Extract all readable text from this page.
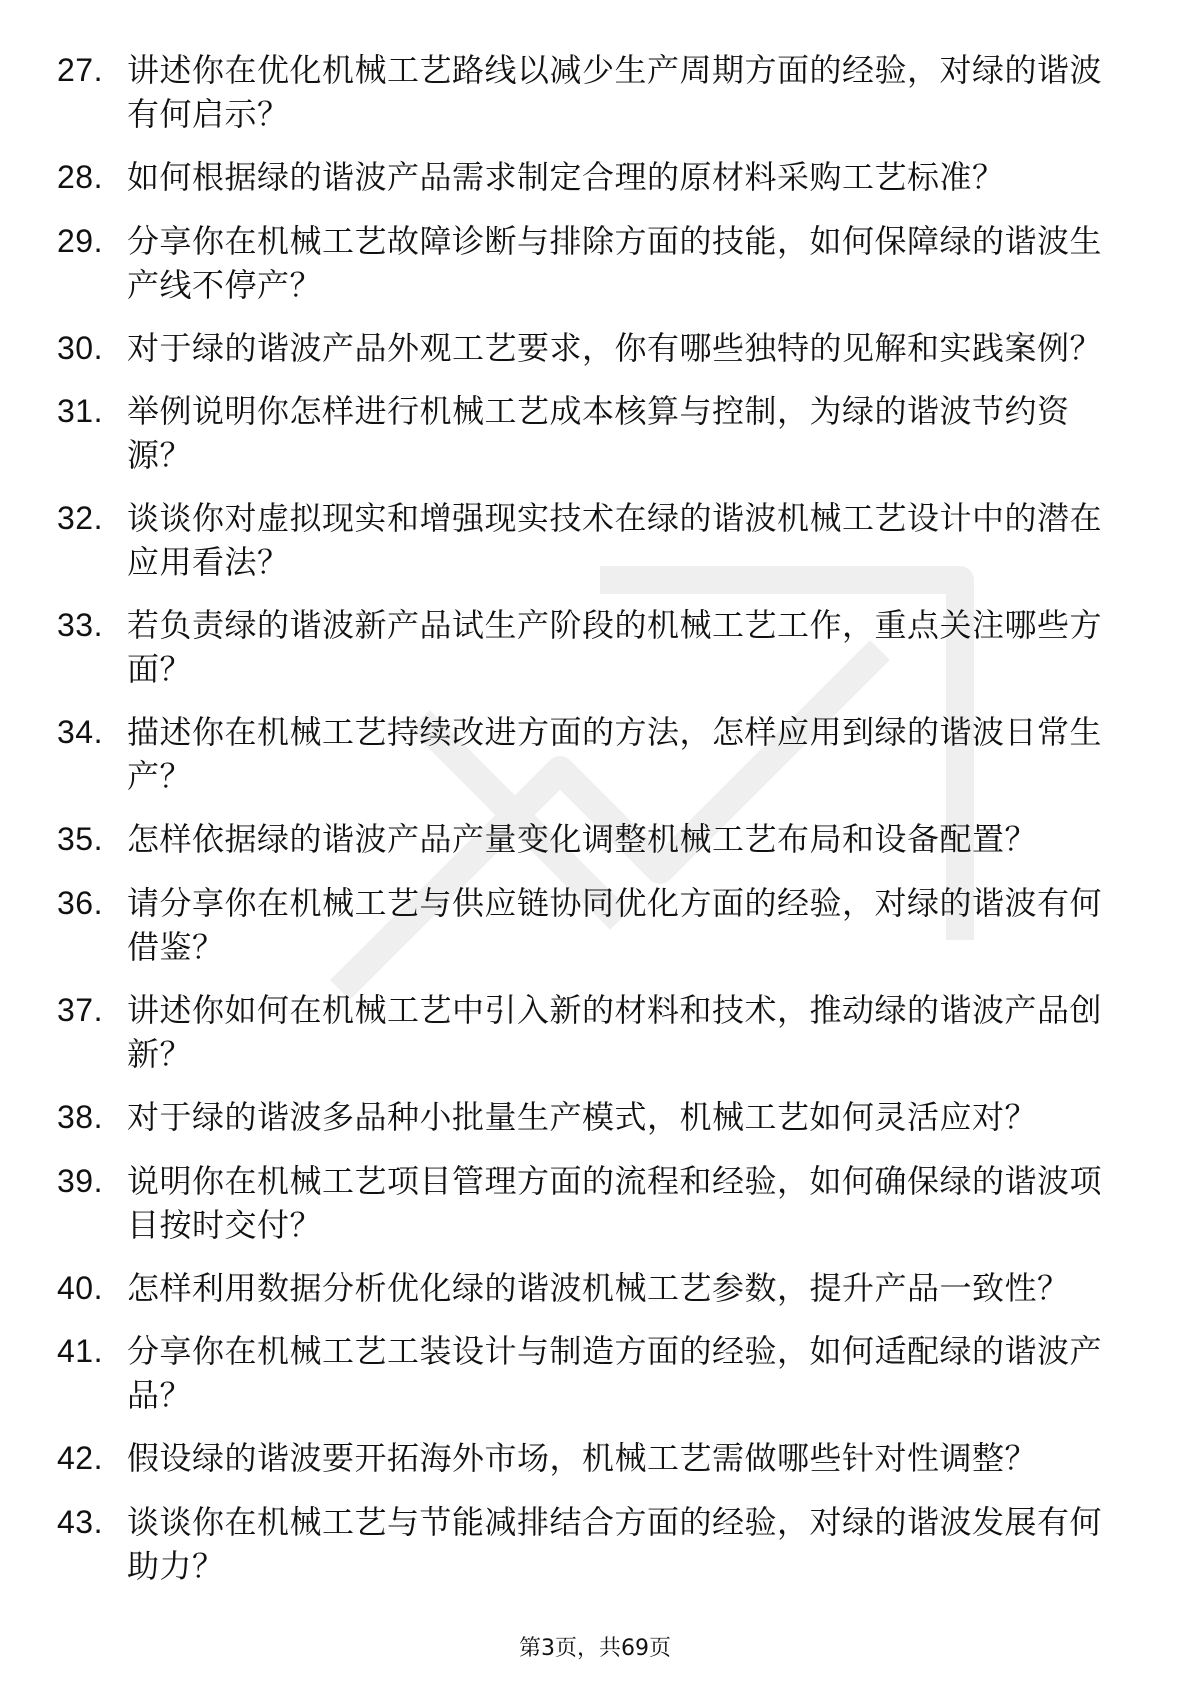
27. 讲述你在优化机械工艺路线以减少生产周期方面的经验，对绿的谐波有何启示？
28. 如何根据绿的谐波产品需求制定合理的原材料采购工艺标准？
29. 分享你在机械工艺故障诊断与排除方面的技能，如何保障绿的谐波生产线不停产？
30. 对于绿的谐波产品外观工艺要求，你有哪些独特的见解和实践案例？
31. 举例说明你怎样进行机械工艺成本核算与控制，为绿的谐波节约资源？
32. 谈谈你对虚拟现实和增强现实技术在绿的谐波机械工艺设计中的潜在应用看法？
33. 若负责绿的谐波新产品试生产阶段的机械工艺工作，重点关注哪些方面？
34. 描述你在机械工艺持续改进方面的方法，怎样应用到绿的谐波日常生产？
35. 怎样依据绿的谐波产品产量变化调整机械工艺布局和设备配置？
36. 请分享你在机械工艺与供应链协同优化方面的经验，对绿的谐波有何借鉴？
37. 讲述你如何在机械工艺中引入新的材料和技术，推动绿的谐波产品创新？
38. 对于绿的谐波多品种小批量生产模式，机械工艺如何灵活应对？
39. 说明你在机械工艺项目管理方面的流程和经验，如何确保绿的谐波项目按时交付？
40. 怎样利用数据分析优化绿的谐波机械工艺参数，提升产品一致性？
41. 分享你在机械工艺工装设计与制造方面的经验，如何适配绿的谐波产品？
42. 假设绿的谐波要开拓海外市场，机械工艺需做哪些针对性调整？
43. 谈谈你在机械工艺与节能减排结合方面的经验，对绿的谐波发展有何助力？
第3页，共69页
